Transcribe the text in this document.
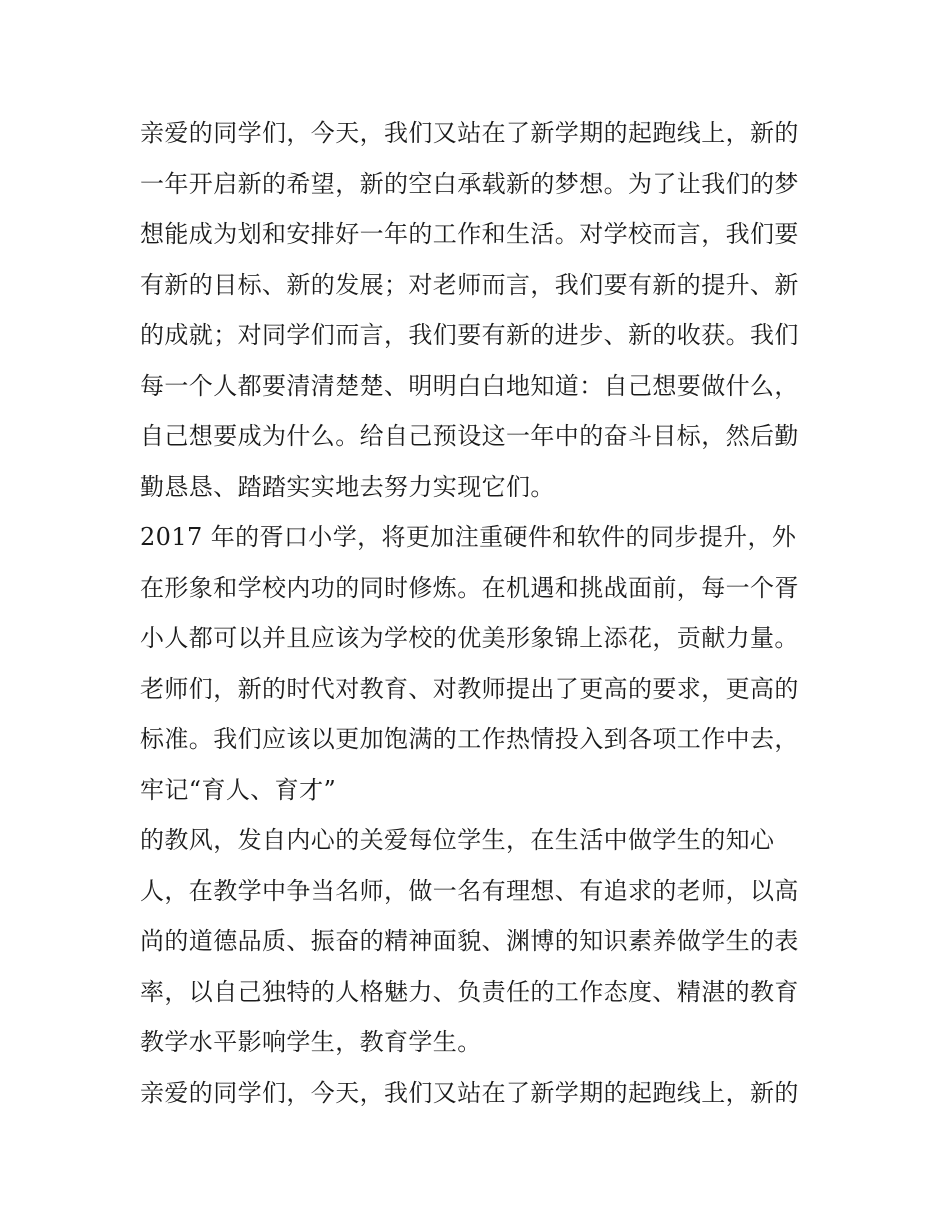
亲爱的同学们，今天，我们又站在了新学期的起跑线上，新的
一年开启新的希望，新的空白承载新的梦想。为了让我们的梦
想能成为划和安排好一年的工作和生活。对学校而言，我们要
有新的目标、新的发展；对老师而言，我们要有新的提升、新
的成就；对同学们而言，我们要有新的进步、新的收获。我们
每一个人都要清清楚楚、明明白白地知道：自己想要做什么，
自己想要成为什么。给自己预设这一年中的奋斗目标，然后勤
勤恳恳、踏踏实实地去努力实现它们。
2017 年的胥口小学，将更加注重硬件和软件的同步提升，外
在形象和学校内功的同时修炼。在机遇和挑战面前，每一个胥
小人都可以并且应该为学校的优美形象锦上添花，贡献力量。
老师们，新的时代对教育、对教师提出了更高的要求，更高的
标准。我们应该以更加饱满的工作热情投入到各项工作中去，
牢记“育人、育才”
的教风，发自内心的关爱每位学生，在生活中做学生的知心
人，在教学中争当名师，做一名有理想、有追求的老师，以高
尚的道德品质、振奋的精神面貌、渊博的知识素养做学生的表
率，以自己独特的人格魅力、负责任的工作态度、精湛的教育
教学水平影响学生，教育学生。
亲爱的同学们，今天，我们又站在了新学期的起跑线上，新的
